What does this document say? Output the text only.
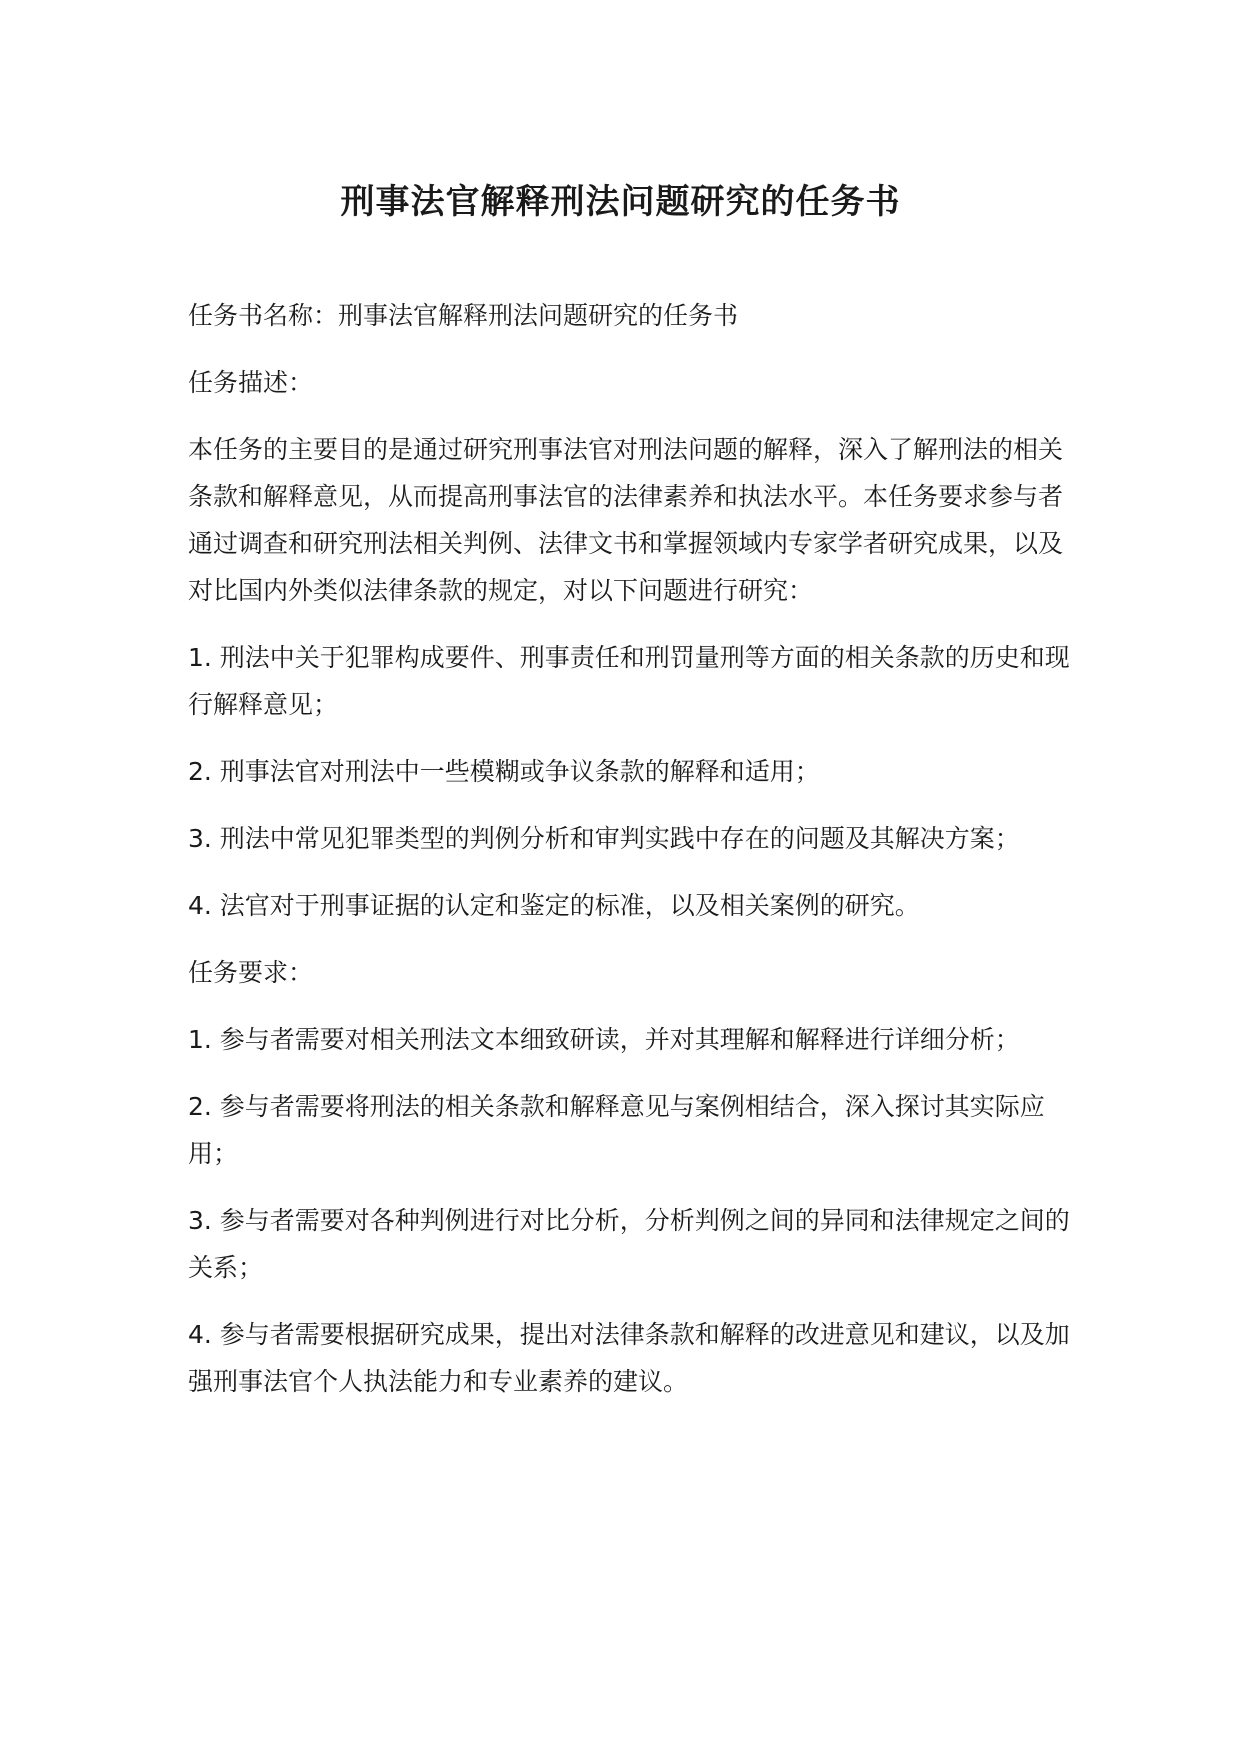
刑事法官解释刑法问题研究的任务书

任务书名称：刑事法官解释刑法问题研究的任务书

任务描述：

本任务的主要目的是通过研究刑事法官对刑法问题的解释，深入了解刑法的相关条款和解释意见，从而提高刑事法官的法律素养和执法水平。本任务要求参与者通过调查和研究刑法相关判例、法律文书和掌握领域内专家学者研究成果，以及对比国内外类似法律条款的规定，对以下问题进行研究：

1. 刑法中关于犯罪构成要件、刑事责任和刑罚量刑等方面的相关条款的历史和现行解释意见；

2. 刑事法官对刑法中一些模糊或争议条款的解释和适用；

3. 刑法中常见犯罪类型的判例分析和审判实践中存在的问题及其解决方案；

4. 法官对于刑事证据的认定和鉴定的标准，以及相关案例的研究。

任务要求：

1. 参与者需要对相关刑法文本细致研读，并对其理解和解释进行详细分析；

2. 参与者需要将刑法的相关条款和解释意见与案例相结合，深入探讨其实际应用；

3. 参与者需要对各种判例进行对比分析，分析判例之间的异同和法律规定之间的关系；

4. 参与者需要根据研究成果，提出对法律条款和解释的改进意见和建议，以及加强刑事法官个人执法能力和专业素养的建议。
